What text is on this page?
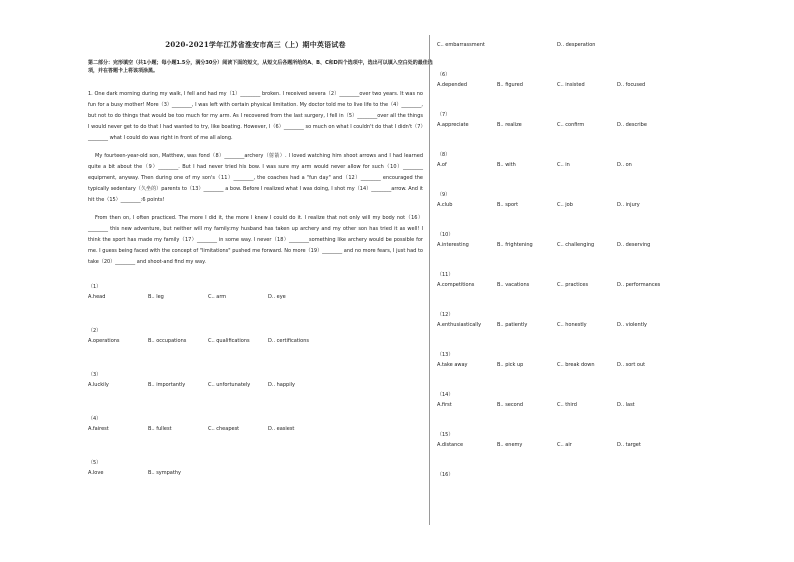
2020-2021学年江苏省淮安市高三（上）期中英语试卷
第二部分：完形填空（共1小题；每小题1.5分，满分30分）阅读下面的短文，从短文后各题所给的A、B、C和D四个选项中，选出可以填入空白处的最佳选项，并在答题卡上将该项涂黑。

1. One dark morning during my walk, I fell and had my（1）________ broken. I received severa（2）________over two years. It was no fun for a busy mother! More（3）________, I was left with certain physical limitation. My doctor told me to live life to the（4）________, but not to do things that would be too much for my arm. As I recovered from the last surgery, I fell in（5）________over all the things I would never get to do that I had wanted to try, like boating. However, I（6）________ so much on what I couldn't do that I didn't（7）________ what I could do was right in front of me all along.

My fourteen-year-old son, Matthew, was fond（8）________archery（射箭）. I loved watching him shoot arrows and I had learned quite a bit about the（9）________. But I had never tried his bow. I was sure my arm would never allow for such（10）________ equipment, anyway. Then during one of my son's（11）________, the coaches had a "fun day" and（12）________ encouraged the typically sedentary（久坐的）parents to（13）________ a bow. Before I realized what I was doing, I shot my（14）________arrow. And it hit the（15）________:6 points!

From then on, I often practiced. The more I did it, the more I knew I could do it. I realize that not only will my body not（16）________ this new adventure, but neither will my family:my husband has taken up archery and my other son has tried it as well! I think the sport has made my family（17）________ in some way. I never（18）________something like archery would be possible for me. I guess being faced with the concept of "limitations" pushed me forward. No more（19）________ and no more fears, I just had to take（20）________ and shoot-and find my way.

（1）
A.head	B.. leg	C.. arm	D.. eye
（2）
A.operations	B.. occupations	C.. qualifications	D.. certifications
（3）
A.luckily	B.. importantly	C.. unfortunately	D.. happily
（4）
A.fairest	B.. fullest	C.. cheapest	D.. easiest
（5）
A.love	B.. sympathy
C.. embarrassment	D.. desperation
（6）
A.depended	B.. figured	C.. insisted	D.. focused
（7）
A.appreciate	B.. realize	C.. confirm	D.. describe
（8）
A.of	B.. with	C.. in	D.. on
（9）
A.club	B.. sport	C.. job	D.. injury
（10）
A.interesting	B.. frightening	C.. challenging	D.. deserving
（11）
A.competitions	B.. vacations	C.. practices	D.. performances
（12）
A.enthusiastically	B.. patiently	C.. honestly	D.. violently
（13）
A.take away	B.. pick up	C.. break down	D.. sort out
（14）
A.first	B.. second	C.. third	D.. last
（15）
A.distance	B.. enemy	C.. air	D.. target
（16）
